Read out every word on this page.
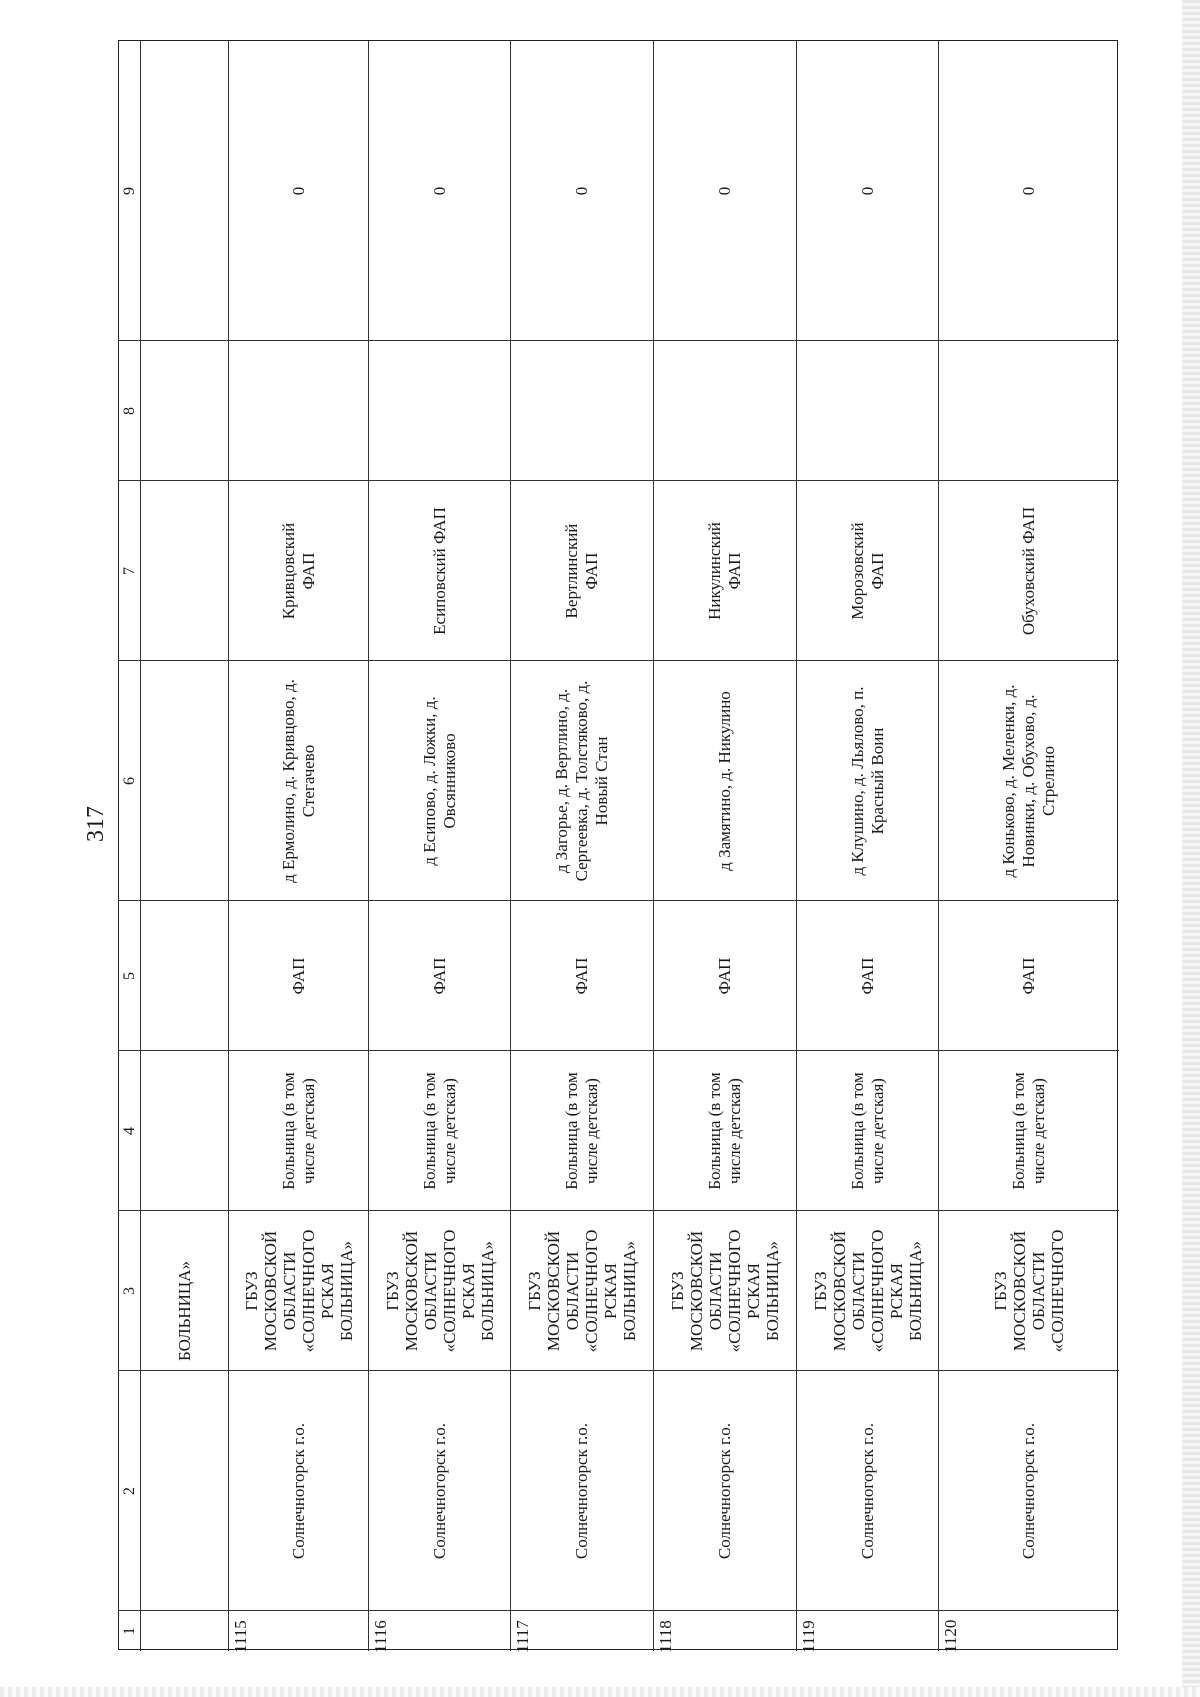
317
1
2
3
4
5
6
7
8
9
БОЛЬНИЦА»
1115
Солнечногорск г.о.
ГБУЗ МОСКОВСКОЙ ОБЛАСТИ «СОЛНЕЧНОГО РСКАЯ БОЛЬНИЦА»
Больница (в том числе детская)
ФАП
д Ермолино, д. Кривцово, д. Стегачево
Кривцовский ФАП
0
1116
Солнечногорск г.о.
ГБУЗ МОСКОВСКОЙ ОБЛАСТИ «СОЛНЕЧНОГО РСКАЯ БОЛЬНИЦА»
Больница (в том числе детская)
ФАП
д Есипово, д. Ложки, д. Овсянниково
Есиповский ФАП
0
1117
Солнечногорск г.о.
ГБУЗ МОСКОВСКОЙ ОБЛАСТИ «СОЛНЕЧНОГО РСКАЯ БОЛЬНИЦА»
Больница (в том числе детская)
ФАП
д Загорье, д. Вертлино, д. Сергеевка, д. Толстяково, д. Новый Стан
Вертлинский ФАП
0
1118
Солнечногорск г.о.
ГБУЗ МОСКОВСКОЙ ОБЛАСТИ «СОЛНЕЧНОГО РСКАЯ БОЛЬНИЦА»
Больница (в том числе детская)
ФАП
д Замятино, д. Никулино
Никулинский ФАП
0
1119
Солнечногорск г.о.
ГБУЗ МОСКОВСКОЙ ОБЛАСТИ «СОЛНЕЧНОГО РСКАЯ БОЛЬНИЦА»
Больница (в том числе детская)
ФАП
д Клушино, д. Льялово, п. Красный Воин
Морозовский ФАП
0
1120
Солнечногорск г.о.
ГБУЗ МОСКОВСКОЙ ОБЛАСТИ «СОЛНЕЧНОГО
Больница (в том числе детская)
ФАП
д Коньково, д. Меленки, д. Новинки, д. Обухово, д. Стрелино
Обуховский ФАП
0
